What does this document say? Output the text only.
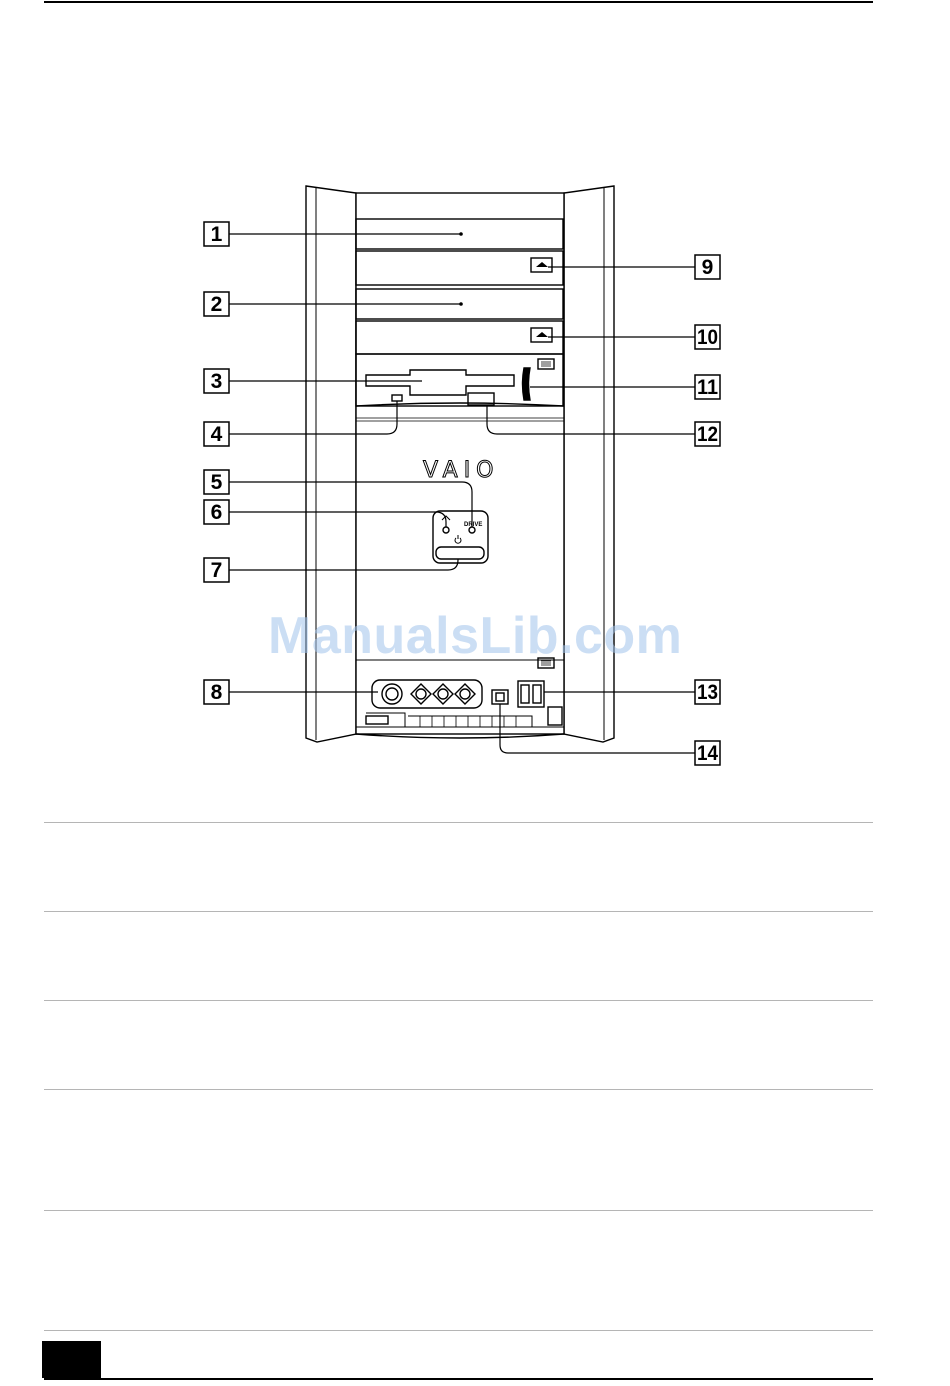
VAIO
DRIVE
1
2
3
4
5
6
7
8
9
10
11
12
13
14
ManualsLib.com
